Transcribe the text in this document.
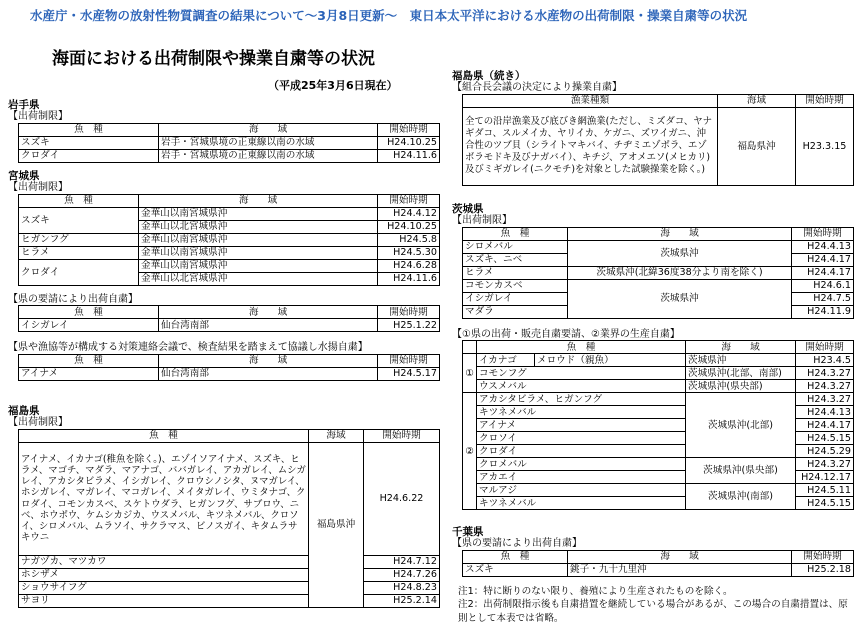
水産庁・水産物の放射性物質調査の結果について～3月8日更新～　東日本太平洋における水産物の出荷制限・操業自粛等の状況
海面における出荷制限や操業自粛等の状況
（平成25年3月6日現在）
岩手県
【出荷制限】
魚　種	海　　域	開始時期
スズキ	岩手・宮城県境の正東線以南の水域	H24.10.25
クロダイ	岩手・宮城県境の正東線以南の水域	H24.11.6
宮城県
【出荷制限】
魚　種	海　　域	開始時期
スズキ	金華山以南宮城県沖	H24.4.12
	金華山以北宮城県沖	H24.10.25
ヒガンフグ	金華山以南宮城県沖	H24.5.8
ヒラメ	金華山以南宮城県沖	H24.5.30
クロダイ	金華山以南宮城県沖	H24.6.28
	金華山以北宮城県沖	H24.11.6
【県の要請により出荷自粛】
魚　種	海　　域	開始時期
イシガレイ	仙台湾南部	H25.1.22
【県や漁協等が構成する対策連絡会議で、検査結果を踏まえて協議し水揚自粛】
魚　種	海　　域	開始時期
アイナメ	仙台湾南部	H24.5.17
福島県
【出荷制限】
魚　種	海域	開始時期
アイナメ、イカナゴ(稚魚を除く。)、エゾイソアイナメ、スズキ、ヒラメ、マゴチ、マダラ、マアナゴ、ババガレイ、アカガレイ、ムシガレイ、アカシタビラメ、イシガレイ、クロウシノシタ、ヌマガレイ、ホシガレイ、マガレイ、マコガレイ、メイタガレイ、ウミタナゴ、クロダイ、コモンカスベ、スケトウダラ、ヒガンフグ、サブロウ、ニベ、ホウボウ、ケムシカジカ、ウスメバル、キツネメバル、クロソイ、シロメバル、ムラソイ、サクラマス、ビノスガイ、キタムラサキウニ	福島県沖	H24.6.22
ナガヅカ、マツカワ		H24.7.12
ホシザメ		H24.7.26
ショウサイフグ		H24.8.23
サヨリ		H25.2.14
福島県（続き）
【組合長会議の決定により操業自粛】
漁業種類	海域	開始時期
全ての沿岸漁業及び底びき網漁業(ただし、ミズダコ、ヤナギダコ、スルメイカ、ヤリイカ、ケガニ、ズワイガニ、沖合性のツブ貝（シライトマキバイ、チヂミエゾボラ、エゾボラモドキ及びナガバイ）、キチジ、アオメエソ(メヒカリ)及びミギガレイ(ニクモチ)を対象とした試験操業を除く。)	福島県沖	H23.3.15
茨城県
【出荷制限】
魚　種	海　　域	開始時期
シロメバル	茨城県沖	H24.4.13
スズキ、ニベ		H24.4.17
ヒラメ	茨城県沖(北緯36度38分より南を除く)	H24.4.17
コモンカスベ	茨城県沖	H24.6.1
イシガレイ		H24.7.5
マダラ		H24.11.9
【①県の出荷・販売自粛要請、②業界の生産自粛】
	魚　種		海　　域	開始時期
①	イカナゴ	メロウド（親魚）	茨城県沖	H23.4.5
	コモンフグ		茨城県沖(北部、南部)	H24.3.27
	ウスメバル		茨城県沖(県央部)	H24.3.27
②	アカシタビラメ、ヒガンフグ		茨城県沖(北部)	H24.3.27
	キツネメバル			H24.4.13
	アイナメ			H24.4.17
	クロソイ			H24.5.15
	クロダイ			H24.5.29
	クロメバル		茨城県沖(県央部)	H24.3.27
	アカエイ			H24.12.17
	マルアジ		茨城県沖(南部)	H24.5.11
	キツネメバル			H24.5.15
千葉県
【県の要請により出荷自粛】
魚　種	海　　域	開始時期
スズキ	銚子・九十九里沖	H25.2.18
注1：特に断りのない限り、養殖により生産されたものを除く。
注2：出荷制限指示後も自粛措置を継続している場合があるが、この場合の自粛措置は、原則として本表では省略。
